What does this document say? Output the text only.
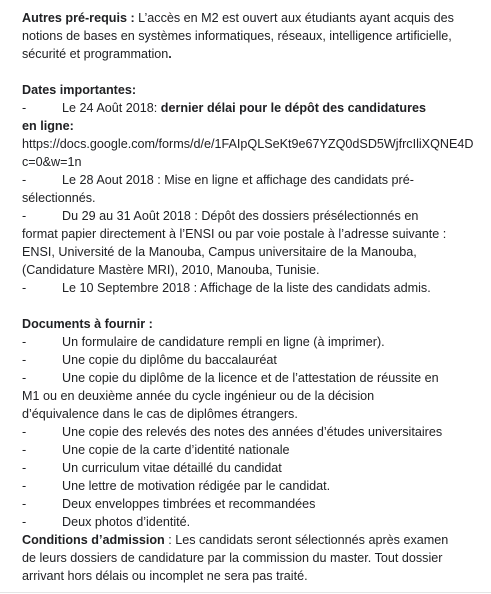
Autres pré-requis : L’accès en M2 est ouvert aux étudiants ayant acquis des notions de bases en systèmes informatiques, réseaux, intelligence artificielle, sécurité et programmation.
Dates importantes:
-	Le 24 Août 2018: dernier délai pour le dépôt des candidatures
en ligne:
https://docs.google.com/forms/d/e/1FAIpQLSeKt9e67YZQ0dSD5WjfrcIliXQNE4D
c=0&w=1n
-	Le 28 Aout 2018 : Mise en ligne et affichage des candidats pré-
sélectionnés.
-	Du 29 au 31 Août 2018 : Dépôt des dossiers présélectionnés en
format papier directement à l’ENSI ou par voie postale à l’adresse suivante :
ENSI, Université de la Manouba, Campus universitaire de la Manouba,
(Candidature Mastère MRI), 2010, Manouba, Tunisie.
-	Le 10 Septembre 2018 : Affichage de la liste des candidats admis.
Documents à fournir :
-	Un formulaire de candidature rempli en ligne (à imprimer).
-	Une copie du diplôme du baccalauréat
-	Une copie du diplôme de la licence et de l’attestation de réussite en
M1 ou en deuxième année du cycle ingénieur ou de la décision
d’équivalence dans le cas de diplômes étrangers.
-	Une copie des relevés des notes des années d’études universitaires
-	Une copie de la carte d’identité nationale
-	Un curriculum vitae détaillé du candidat
-	Une lettre de motivation rédigée par le candidat.
-	Deux enveloppes timbrées et recommandées
-	Deux photos d’identité.
Conditions d’admission : Les candidats seront sélectionnés après examen
de leurs dossiers de candidature par la commission du master. Tout dossier
arrivant hors délais ou incomplet ne sera pas traité.
